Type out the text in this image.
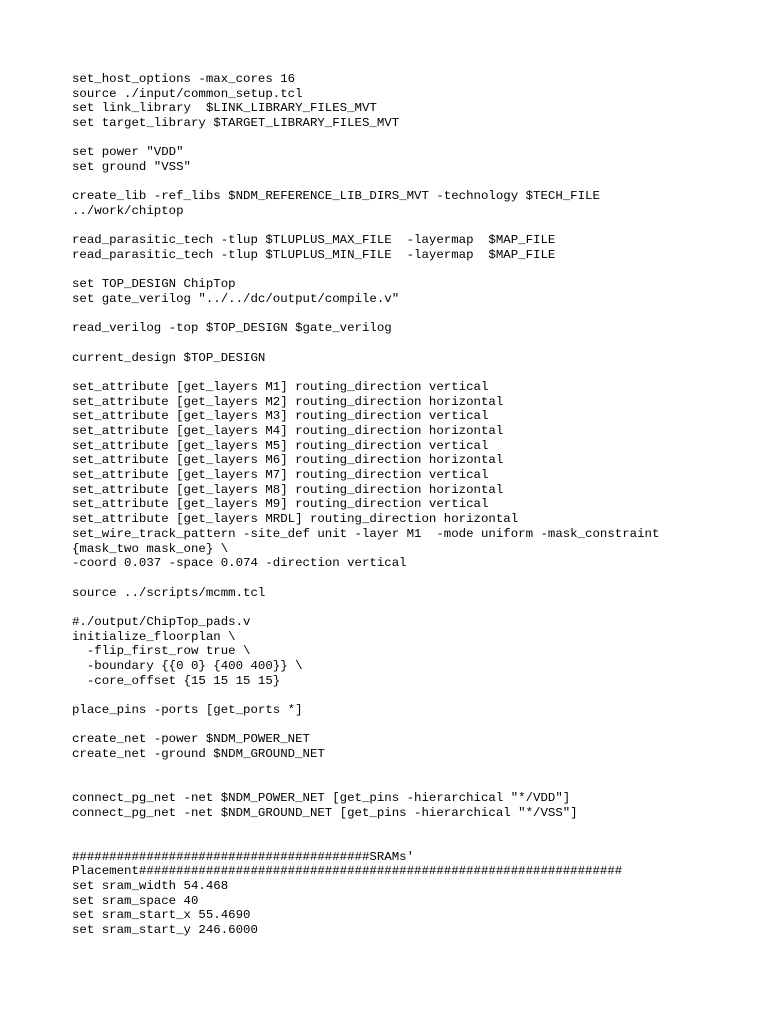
set_host_options -max_cores 16
source ./input/common_setup.tcl
set link_library  $LINK_LIBRARY_FILES_MVT
set target_library $TARGET_LIBRARY_FILES_MVT
set power "VDD"
set ground "VSS"
create_lib -ref_libs $NDM_REFERENCE_LIB_DIRS_MVT -technology $TECH_FILE
../work/chiptop
read_parasitic_tech -tlup $TLUPLUS_MAX_FILE  -layermap  $MAP_FILE
read_parasitic_tech -tlup $TLUPLUS_MIN_FILE  -layermap  $MAP_FILE
set TOP_DESIGN ChipTop
set gate_verilog "../../dc/output/compile.v"
read_verilog -top $TOP_DESIGN $gate_verilog
current_design $TOP_DESIGN
set_attribute [get_layers M1] routing_direction vertical
set_attribute [get_layers M2] routing_direction horizontal
set_attribute [get_layers M3] routing_direction vertical
set_attribute [get_layers M4] routing_direction horizontal
set_attribute [get_layers M5] routing_direction vertical
set_attribute [get_layers M6] routing_direction horizontal
set_attribute [get_layers M7] routing_direction vertical
set_attribute [get_layers M8] routing_direction horizontal
set_attribute [get_layers M9] routing_direction vertical
set_attribute [get_layers MRDL] routing_direction horizontal
set_wire_track_pattern -site_def unit -layer M1  -mode uniform -mask_constraint
{mask_two mask_one} \
-coord 0.037 -space 0.074 -direction vertical
source ../scripts/mcmm.tcl
#./output/ChipTop_pads.v
initialize_floorplan \
-flip_first_row true \
-boundary {{0 0} {400 400}} \
-core_offset {15 15 15 15}
place_pins -ports [get_ports *]
create_net -power $NDM_POWER_NET
create_net -ground $NDM_GROUND_NET
connect_pg_net -net $NDM_POWER_NET [get_pins -hierarchical "*/VDD"]
connect_pg_net -net $NDM_GROUND_NET [get_pins -hierarchical "*/VSS"]
########################################SRAMs'
Placement#################################################################
set sram_width 54.468
set sram_space 40
set sram_start_x 55.4690
set sram_start_y 246.6000
